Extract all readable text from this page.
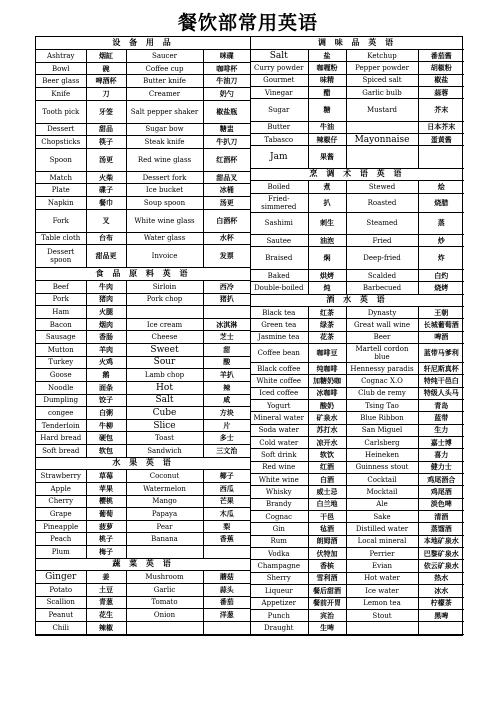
餐饮部常用英语
设 备 用 品			
Ashtray	烟缸	Saucer	咪碟
Bowl	碗	Coffee cup	咖啡杯
Beer glass	啤酒杯	Butter knife	牛油刀
Knife	刀	Creamer	奶勺
Tooth pick	牙签	Salt pepper shaker	椒盐瓶
Dessert	甜品	Sugar bow	糖盅
Chopsticks	筷子	Steak knife	牛扒刀
Spoon	汤更	Red wine glass	红酒杯
Match	火柴	Dessert fork	甜品叉
Plate	碟子	Ice bucket	冰桶
Napkin	餐巾	Soup spoon	汤更
Fork	叉	White wine glass	白酒杯
Table cloth	台布	Water glass	水杯
Dessert spoon	甜品更	Invoice	发票
食 品 原 料 英 语			
Beef	牛肉	Sirloin	西冷
Pork	猪肉	Pork chop	猪扒
Ham	火腿		
Bacon	烟肉	Ice cream	冰淇淋
Sausage	香肠	Cheese	芝士
Mutton	羊肉	Sweet	甜
Turkey	火鸡	Sour	酸
Goose	鹅	Lamb chop	羊扒
Noodle	面条	Hot	辣
Dumpling	饺子	Salt	咸
congee	白粥	Cube	方块
Tenderloin	牛柳	Slice	片
Hard bread	硬包	Toast	多士
Soft bread	软包	Sandwich	三文治
水 果 英 语			
Strawberry	草莓	Coconut	椰子
Apple	苹果	Watermelon	西瓜
Cherry	樱桃	Mango	芒果
Grape	葡萄	Papaya	木瓜
Pineapple	菠萝	Pear	梨
Peach	桃子	Banana	香蕉
Plum	梅子		
蔬 菜 英 语			
Ginger	姜	Mushroom	蘑菇
Potato	土豆	Garlic	蒜头
Scallion	青葱	Tomato	番茄
Peanut	花生	Onion	洋葱
Chili	辣椒		
调 味 品 英 语			
Salt	盐	Ketchup	番茄酱
Curry powder	咖喱粉	Pepper powder	胡椒粉
Gourmet	味精	Spiced salt	椒盐
Vinegar	醋	Garlic bulb	蒜蓉
Sugar	糖	Mustard	芥末
Butter	牛油		日本芥末
Tabasco	辣椒仔	Mayonnaise	蛋黄酱
Jam	果酱		
烹 调 术 语 英 语			
Boiled	煮	Stewed	烩
Fried-simmered	扒	Roasted	烧腊
Sashimi	刺生	Steamed	蒸
Sautee	油泡	Fried	炒
Braised	焖	Deep-fried	炸
Baked	烘烤	Scalded	白灼
Double-boiled	炖	Barbecued	烧烤
酒 水 英 语			
Black tea	红茶	Dynasty	王朝
Green tea	绿茶	Great wall wine	长城葡萄酒
Jasmine tea	花茶	Beer	啤酒
Coffee bean	咖啡豆	Martell cordon blue	蓝带马爹利
Black coffee	纯咖啡	Hennessy paradis	轩尼斯真杯
White coffee	加糖奶咖	Cognac X.O	特纯干邑白
Iced coffee	冰咖啡	Club de remy	特级人头马
Yogurt	酸奶	Tsing Tao	青岛
Mineral water	矿泉水	Blue Ribbon	蓝带
Soda water	苏打水	San Miguel	生力
Cold water	凉开水	Carlsberg	嘉士博
Soft drink	软饮	Heineken	喜力
Red wine	红酒	Guinness stout	健力士
White wine	白酒	Cocktail	鸡尾酒合
Whisky	威士忌	Mocktail	鸡尾酒
Brandy	白兰地	Ale	淡色啤
Cognac	干邑	Sake	清酒
Gin	毡酒	Distilled water	蒸馏酒
Rum	朗姆酒	Local mineral	本地矿泉水
Vodka	伏特加	Perrier	巴黎矿泉水
Champagne	香槟	Evian	依云矿泉水
Sherry	雪利酒	Hot water	热水
Liqueur	餐后甜酒	Ice water	冰水
Appetizer	餐前开胃	Lemon tea	柠檬茶
Punch	宾治	Stout	黑啤
Draught	生啤		
